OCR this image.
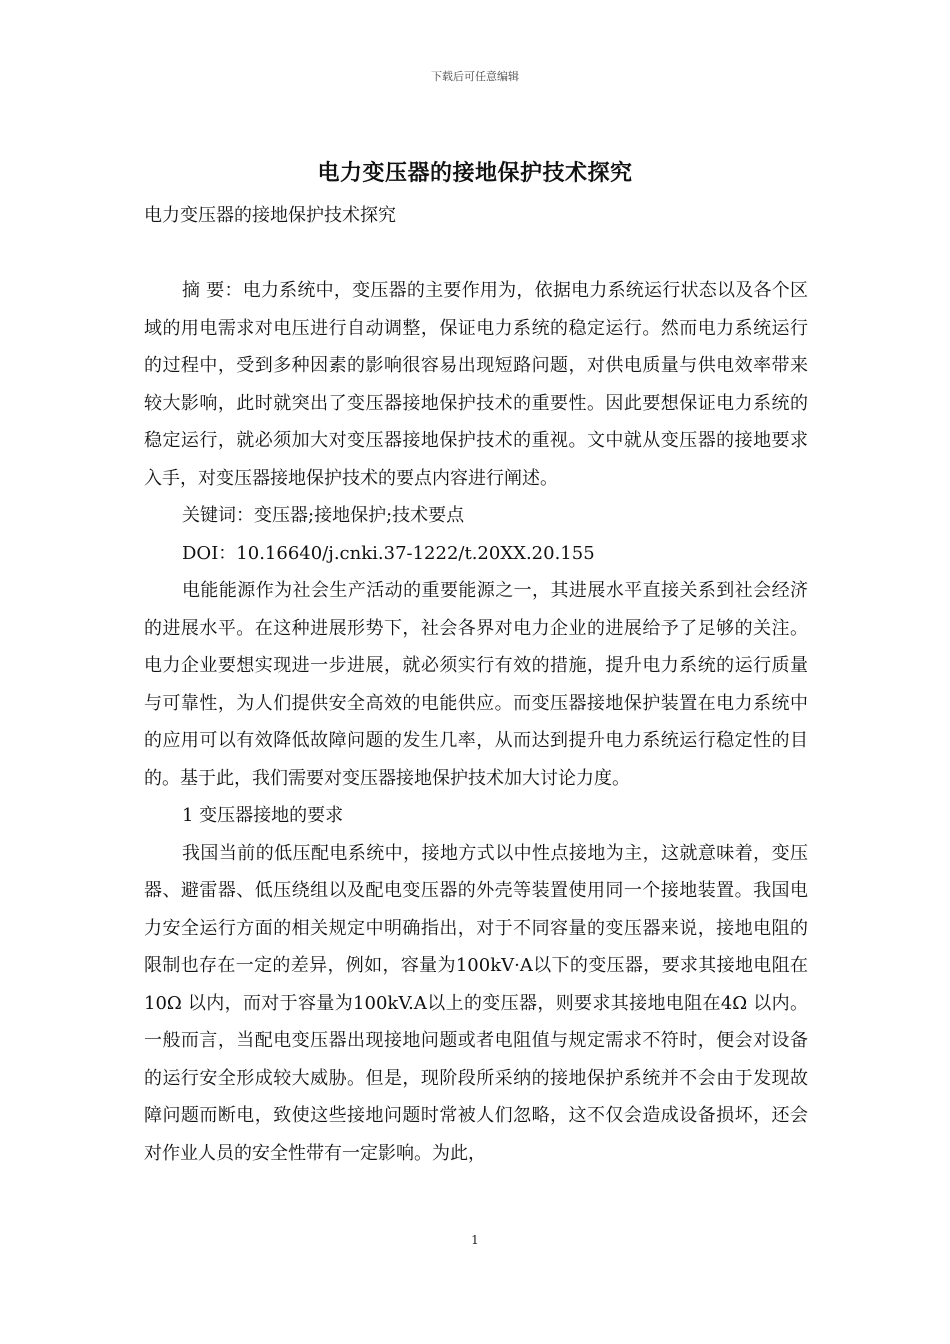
下载后可任意编辑
电力变压器的接地保护技术探究

电力变压器的接地保护技术探究

摘 要：电力系统中，变压器的主要作用为，依据电力系统运行状态以及各个区域的用电需求对电压进行自动调整，保证电力系统的稳定运行。然而电力系统运行的过程中，受到多种因素的影响很容易出现短路问题，对供电质量与供电效率带来较大影响，此时就突出了变压器接地保护技术的重要性。因此要想保证电力系统的稳定运行，就必须加大对变压器接地保护技术的重视。文中就从变压器的接地要求入手，对变压器接地保护技术的要点内容进行阐述。

关键词：变压器;接地保护;技术要点

DOI：10.16640/j.cnki.37-1222/t.20XX.20.155

电能能源作为社会生产活动的重要能源之一，其进展水平直接关系到社会经济的进展水平。在这种进展形势下，社会各界对电力企业的进展给予了足够的关注。电力企业要想实现进一步进展，就必须实行有效的措施，提升电力系统的运行质量与可靠性，为人们提供安全高效的电能供应。而变压器接地保护装置在电力系统中的应用可以有效降低故障问题的发生几率，从而达到提升电力系统运行稳定性的目的。基于此，我们需要对变压器接地保护技术加大讨论力度。

1 变压器接地的要求

我国当前的低压配电系统中，接地方式以中性点接地为主，这就意味着，变压器、避雷器、低压绕组以及配电变压器的外壳等装置使用同一个接地装置。我国电力安全运行方面的相关规定中明确指出，对于不同容量的变压器来说，接地电阻的限制也存在一定的差异，例如，容量为100kV·A以下的变压器，要求其接地电阻在10Ω 以内，而对于容量为100kV.A以上的变压器，则要求其接地电阻在4Ω 以内。一般而言，当配电变压器出现接地问题或者电阻值与规定需求不符时，便会对设备的运行安全形成较大威胁。但是，现阶段所采纳的接地保护系统并不会由于发现故障问题而断电，致使这些接地问题时常被人们忽略，这不仅会造成设备损坏，还会对作业人员的安全性带有一定影响。为此，

1
